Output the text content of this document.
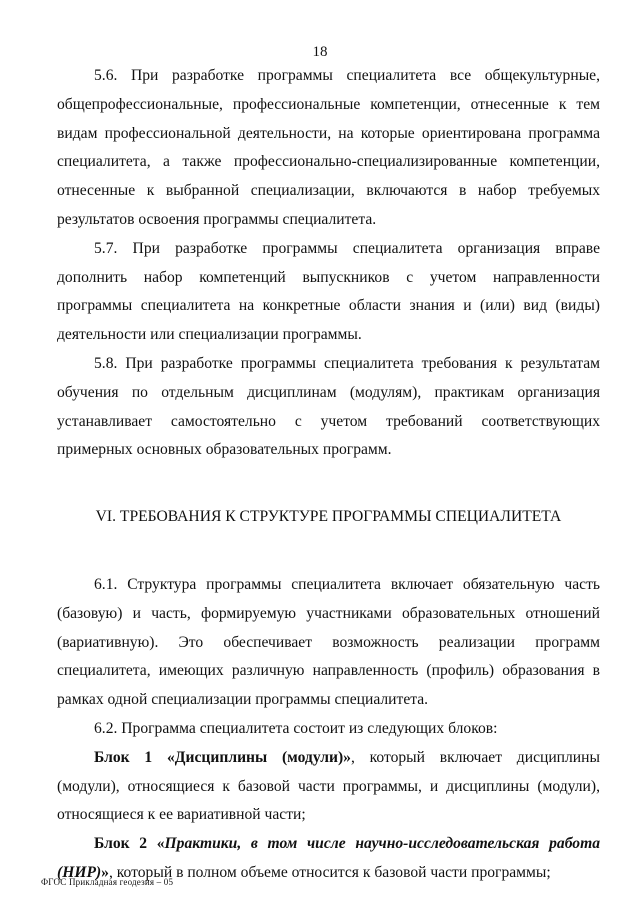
18

5.6. При разработке программы специалитета все общекультурные, общепрофессиональные, профессиональные компетенции, отнесенные к тем видам профессиональной деятельности, на которые ориентирована программа специалитета, а также профессионально-специализированные компетенции, отнесенные к выбранной специализации, включаются в набор требуемых результатов освоения программы специалитета.

5.7. При разработке программы специалитета организация вправе дополнить набор компетенций выпускников с учетом направленности программы специалитета на конкретные области знания и (или) вид (виды) деятельности или специализации программы.

5.8. При разработке программы специалитета требования к результатам обучения по отдельным дисциплинам (модулям), практикам организация устанавливает самостоятельно с учетом требований соответствующих примерных основных образовательных программ.

VI. ТРЕБОВАНИЯ К СТРУКТУРЕ ПРОГРАММЫ СПЕЦИАЛИТЕТА

6.1. Структура программы специалитета включает обязательную часть (базовую) и часть, формируемую участниками образовательных отношений (вариативную). Это обеспечивает возможность реализации программ специалитета, имеющих различную направленность (профиль) образования в рамках одной специализации программы специалитета.

6.2. Программа специалитета состоит из следующих блоков:

Блок 1 «Дисциплины (модули)», который включает дисциплины (модули), относящиеся к базовой части программы, и дисциплины (модули), относящиеся к ее вариативной части;

Блок 2 «Практики, в том числе научно-исследовательская работа (НИР)», который в полном объеме относится к базовой части программы;

ФГОС Прикладная геодезия – 05
